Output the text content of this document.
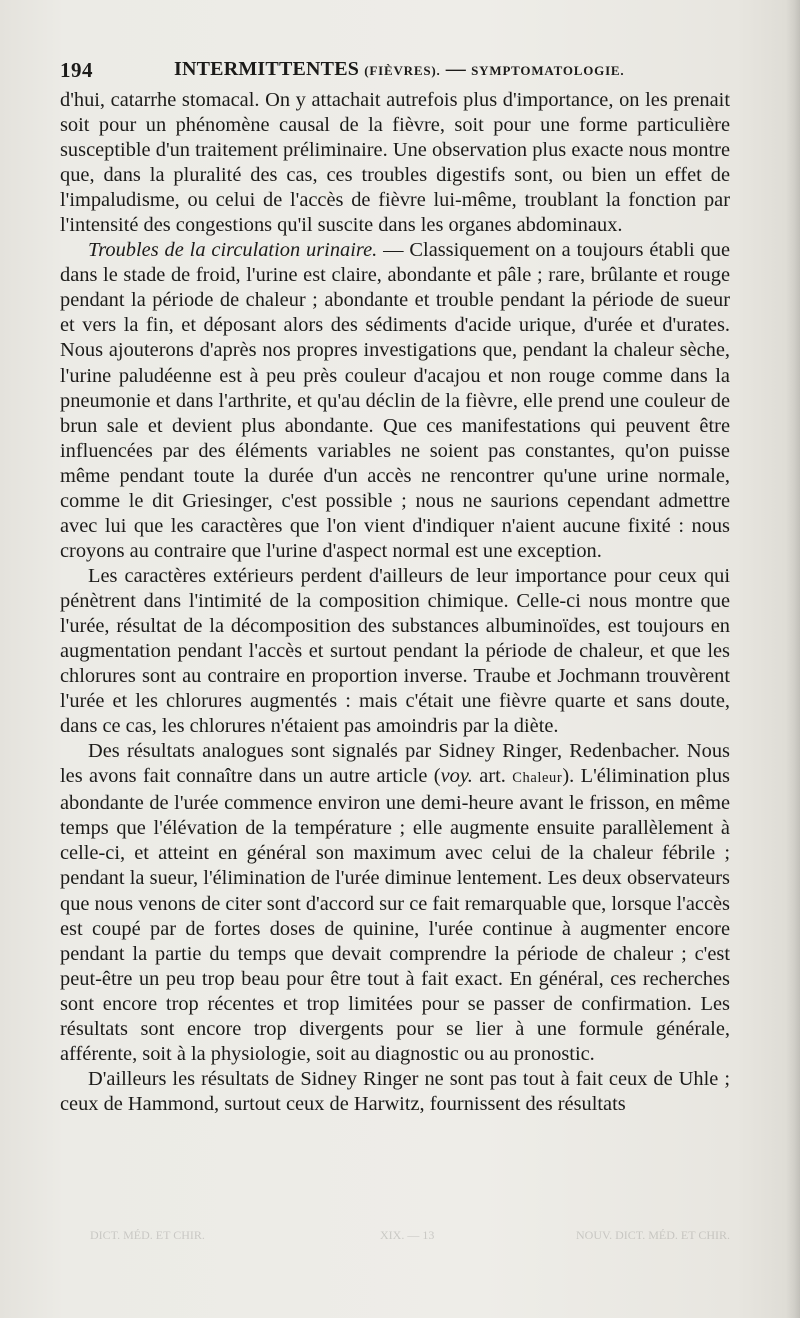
194	INTERMITTENTES (FIÈVRES). — SYMPTOMATOLOGIE.

d'hui, catarrhe stomacal. On y attachait autrefois plus d'importance, on les prenait soit pour un phénomène causal de la fièvre, soit pour une forme particulière susceptible d'un traitement préliminaire. Une observation plus exacte nous montre que, dans la pluralité des cas, ces troubles digestifs sont, ou bien un effet de l'impaludisme, ou celui de l'accès de fièvre lui-même, troublant la fonction par l'intensité des congestions qu'il suscite dans les organes abdominaux.

Troubles de la circulation urinaire. — Classiquement on a toujours établi que dans le stade de froid, l'urine est claire, abondante et pâle ; rare, brûlante et rouge pendant la période de chaleur ; abondante et trouble pendant la période de sueur et vers la fin, et déposant alors des sédiments d'acide urique, d'urée et d'urates. Nous ajouterons d'après nos propres investigations que, pendant la chaleur sèche, l'urine paludéenne est à peu près couleur d'acajou et non rouge comme dans la pneumonie et dans l'arthrite, et qu'au déclin de la fièvre, elle prend une couleur de brun sale et devient plus abondante. Que ces manifestations qui peuvent être influencées par des éléments variables ne soient pas constantes, qu'on puisse même pendant toute la durée d'un accès ne rencontrer qu'une urine normale, comme le dit Griesinger, c'est possible ; nous ne saurions cependant admettre avec lui que les caractères que l'on vient d'indiquer n'aient aucune fixité : nous croyons au contraire que l'urine d'aspect normal est une exception.

Les caractères extérieurs perdent d'ailleurs de leur importance pour ceux qui pénètrent dans l'intimité de la composition chimique. Celle-ci nous montre que l'urée, résultat de la décomposition des substances albuminoïdes, est toujours en augmentation pendant l'accès et surtout pendant la période de chaleur, et que les chlorures sont au contraire en proportion inverse. Traube et Jochmann trouvèrent l'urée et les chlorures augmentés : mais c'était une fièvre quarte et sans doute, dans ce cas, les chlorures n'étaient pas amoindris par la diète.

Des résultats analogues sont signalés par Sidney Ringer, Redenbacher. Nous les avons fait connaître dans un autre article (voy. art. Chaleur). L'élimination plus abondante de l'urée commence environ une demi-heure avant le frisson, en même temps que l'élévation de la température ; elle augmente ensuite parallèlement à celle-ci, et atteint en général son maximum avec celui de la chaleur fébrile ; pendant la sueur, l'élimination de l'urée diminue lentement. Les deux observateurs que nous venons de citer sont d'accord sur ce fait remarquable que, lorsque l'accès est coupé par de fortes doses de quinine, l'urée continue à augmenter encore pendant la partie du temps que devait comprendre la période de chaleur ; c'est peut-être un peu trop beau pour être tout à fait exact. En général, ces recherches sont encore trop récentes et trop limitées pour se passer de confirmation. Les résultats sont encore trop divergents pour se lier à une formule générale, afférente, soit à la physiologie, soit au diagnostic ou au pronostic.

D'ailleurs les résultats de Sidney Ringer ne sont pas tout à fait ceux de Uhle ; ceux de Hammond, surtout ceux de Harwitz, fournissent des résultats

DICT. MÉD. ET CHIR.	XIX. — 13	NOUV. DICT. MÉD. ET CHIR.
